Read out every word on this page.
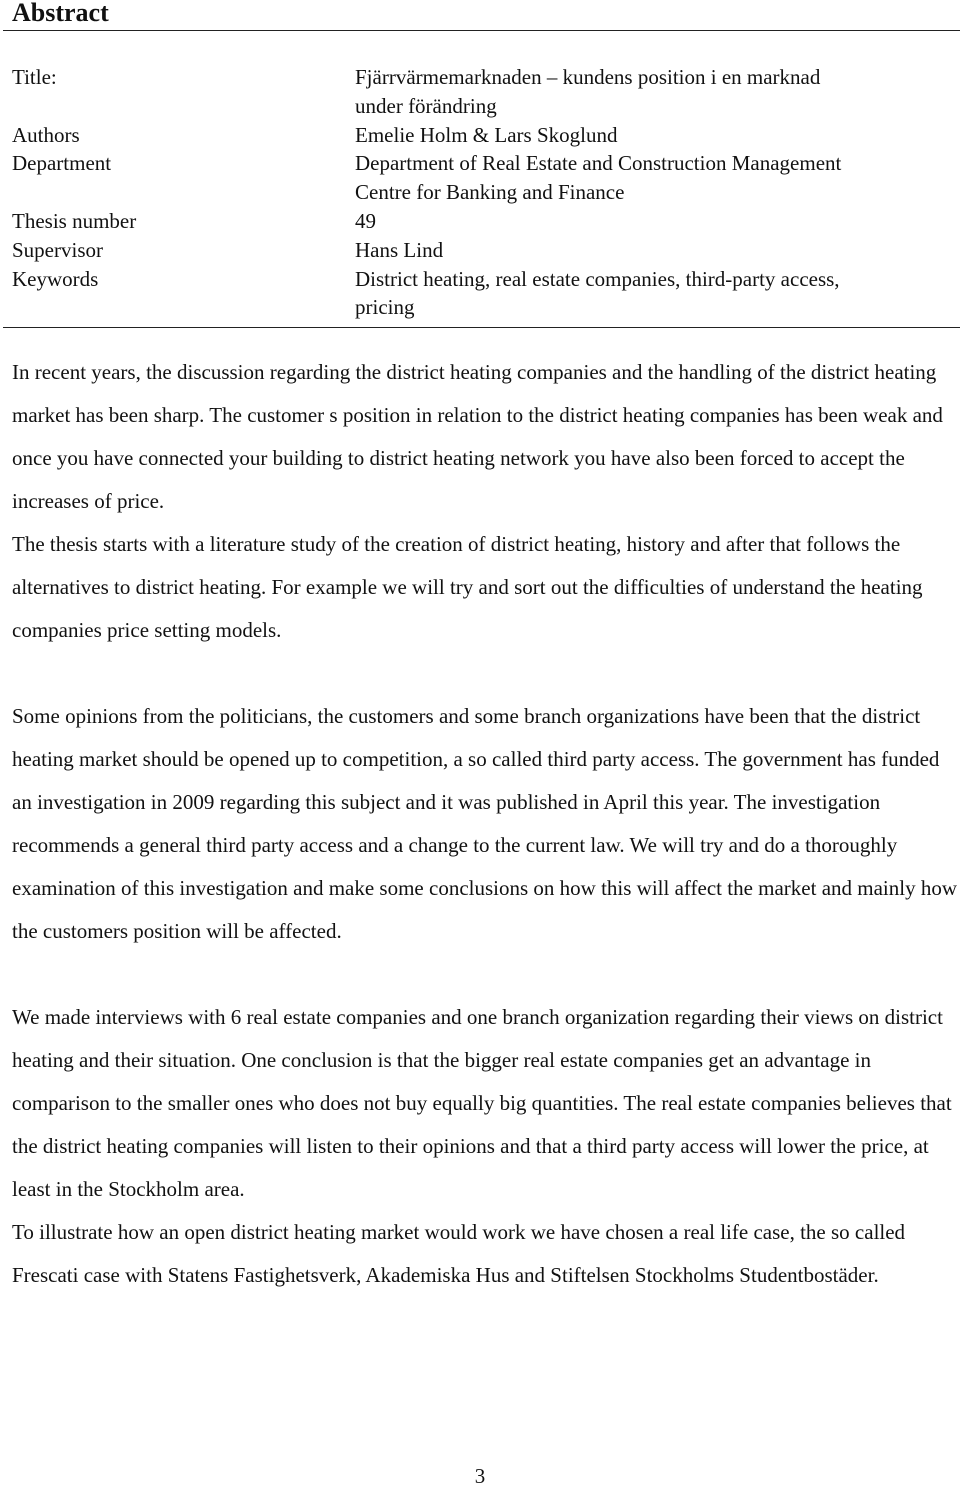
Abstract
Title:	Fjärrvärmemarknaden – kundens position i en marknad
under förändring
Authors	Emelie Holm & Lars Skoglund
Department	Department of Real Estate and Construction Management
Centre for Banking and Finance
Thesis number	49
Supervisor	Hans Lind
Keywords	District heating, real estate companies, third-party access,
pricing

In recent years, the discussion regarding the district heating companies and the handling of the district heating market has been sharp. The customer s position in relation to the district heating companies has been weak and once you have connected your building to district heating network you have also been forced to accept the increases of price.

The thesis starts with a literature study of the creation of district heating, history and after that follows the alternatives to district heating. For example we will try and sort out the difficulties of understand the heating companies price setting models.

Some opinions from the politicians, the customers and some branch organizations have been that the district heating market should be opened up to competition, a so called third party access. The government has funded an investigation in 2009 regarding this subject and it was published in April this year. The investigation recommends a general third party access and a change to the current law. We will try and do a thoroughly examination of this investigation and make some conclusions on how this will affect the market and mainly how the customers position will be affected.

We made interviews with 6 real estate companies and one branch organization regarding their views on district heating and their situation. One conclusion is that the bigger real estate companies get an advantage in comparison to the smaller ones who does not buy equally big quantities. The real estate companies believes that the district heating companies will listen to their opinions and that a third party access will lower the price, at least in the Stockholm area.

To illustrate how an open district heating market would work we have chosen a real life case, the so called Frescati case with Statens Fastighetsverk, Akademiska Hus and Stiftelsen Stockholms Studentbostäder.

3
